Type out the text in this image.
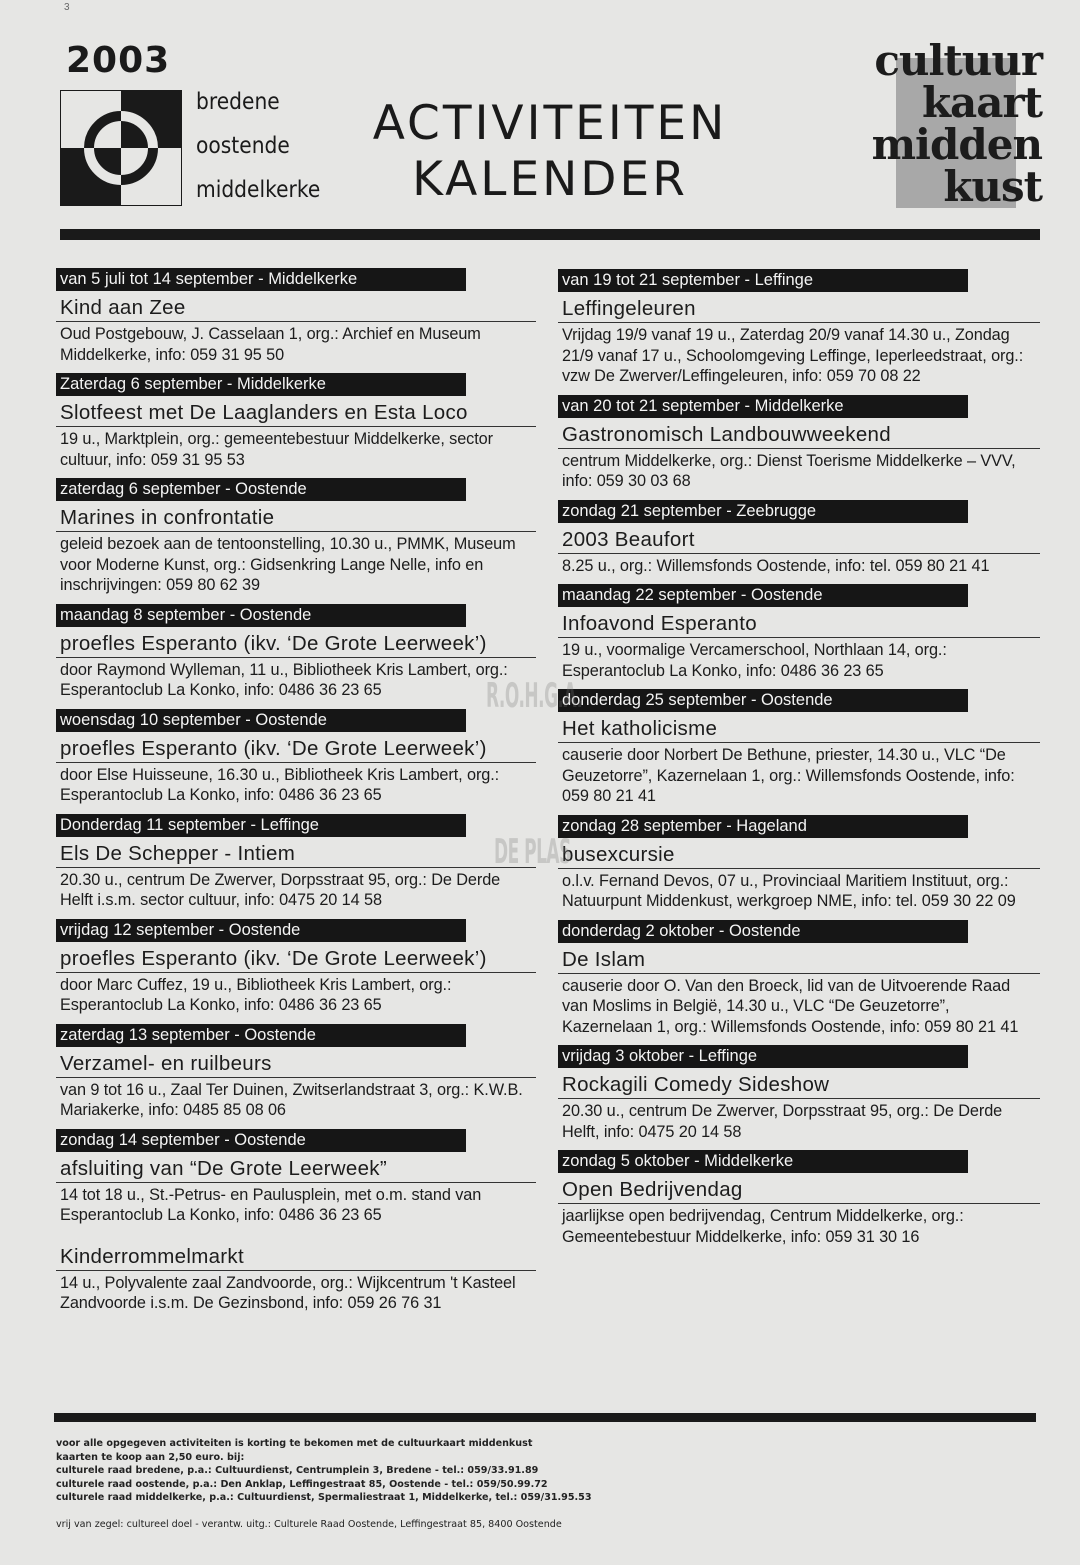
3
2003
bredene
oostende
middelkerke
ACTIVITEITEN
KALENDER
cultuur
kaart
midden
kust
van 5 juli tot 14 september - Middelkerke
Kind aan Zee
Oud Postgebouw, J. Casselaan 1, org.: Archief en Museum Middelkerke, info: 059 31 95 50
Zaterdag 6 september - Middelkerke
Slotfeest met De Laaglanders en Esta Loco
19 u., Marktplein, org.: gemeentebestuur Middelkerke, sector cultuur, info: 059 31 95 53
zaterdag 6 september - Oostende
Marines in confrontatie
geleid bezoek aan de tentoonstelling, 10.30 u., PMMK, Museum voor Moderne Kunst, org.: Gidsenkring Lange Nelle, info en inschrijvingen: 059 80 62 39
maandag 8 september - Oostende
proefles Esperanto (ikv. ‘De Grote Leerweek’)
door Raymond Wylleman, 11 u., Bibliotheek Kris Lambert, org.: Esperantoclub La Konko, info: 0486 36 23 65
woensdag 10 september - Oostende
proefles Esperanto (ikv. ‘De Grote Leerweek’)
door Else Huisseune, 16.30 u., Bibliotheek Kris Lambert, org.: Esperantoclub La Konko, info: 0486 36 23 65
Donderdag 11 september - Leffinge
Els De Schepper - Intiem
20.30 u., centrum De Zwerver, Dorpsstraat 95, org.: De Derde Helft i.s.m. sector cultuur, info: 0475 20 14 58
vrijdag 12 september - Oostende
proefles Esperanto (ikv. ‘De Grote Leerweek’)
door Marc Cuffez, 19 u., Bibliotheek Kris Lambert, org.: Esperantoclub La Konko, info: 0486 36 23 65
zaterdag 13 september - Oostende
Verzamel- en ruilbeurs
van 9 tot 16 u., Zaal Ter Duinen, Zwitserlandstraat 3, org.: K.W.B. Mariakerke, info: 0485 85 08 06
zondag 14 september - Oostende
afsluiting van “De Grote Leerweek”
14 tot 18 u., St.-Petrus- en Paulusplein, met o.m. stand van Esperantoclub La Konko, info: 0486 36 23 65
Kinderrommelmarkt
14 u., Polyvalente zaal Zandvoorde, org.: Wijkcentrum 't Kasteel Zandvoorde i.s.m. De Gezinsbond, info: 059 26 76 31
van 19 tot 21 september - Leffinge
Leffingeleuren
Vrijdag 19/9 vanaf 19 u., Zaterdag 20/9 vanaf 14.30 u., Zondag 21/9 vanaf 17 u., Schoolomgeving Leffinge, Ieperleedstraat, org.: vzw De Zwerver/Leffingeleuren, info: 059 70 08 22
van 20 tot 21 september - Middelkerke
Gastronomisch Landbouwweekend
centrum Middelkerke, org.: Dienst Toerisme Middelkerke – VVV, info: 059 30 03 68
zondag 21 september - Zeebrugge
2003 Beaufort
8.25 u., org.: Willemsfonds Oostende, info: tel. 059 80 21 41
maandag 22 september - Oostende
Infoavond Esperanto
19 u., voormalige Vercamerschool, Northlaan 14, org.: Esperantoclub La Konko, info: 0486 36 23 65
donderdag 25 september - Oostende
Het katholicisme
causerie door Norbert De Bethune, priester, 14.30 u., VLC “De Geuzetorre”, Kazernelaan 1, org.: Willemsfonds Oostende, info: 059 80 21 41
zondag 28 september - Hageland
busexcursie
o.l.v. Fernand Devos, 07 u., Provinciaal Maritiem Instituut, org.: Natuurpunt Middenkust, werkgroep NME, info: tel. 059 30 22 09
donderdag 2 oktober - Oostende
De Islam
causerie door O. Van den Broeck, lid van de Uitvoerende Raad van Moslims in België, 14.30 u., VLC “De Geuzetorre”, Kazernelaan 1, org.: Willemsfonds Oostende, info: 059 80 21 41
vrijdag 3 oktober - Leffinge
Rockagili Comedy Sideshow
20.30 u., centrum De Zwerver, Dorpsstraat 95, org.: De Derde Helft, info: 0475 20 14 58
zondag 5 oktober - Middelkerke
Open Bedrijvendag
jaarlijkse open bedrijvendag, Centrum Middelkerke, org.: Gemeentebestuur Middelkerke, info: 059 31 30 16
R.O.H.G.A.
DE PLAS
voor alle opgegeven activiteiten is korting te bekomen met de cultuurkaart middenkust
kaarten te koop aan 2,50 euro. bij:
culturele raad bredene, p.a.: Cultuurdienst, Centrumplein 3, Bredene - tel.: 059/33.91.89
culturele raad oostende, p.a.: Den Anklap, Leffingestraat 85, Oostende - tel.: 059/50.99.72
culturele raad middelkerke, p.a.: Cultuurdienst, Spermaliestraat 1, Middelkerke, tel.: 059/31.95.53
vrij van zegel: cultureel doel - verantw. uitg.: Culturele Raad Oostende, Leffingestraat 85, 8400 Oostende
